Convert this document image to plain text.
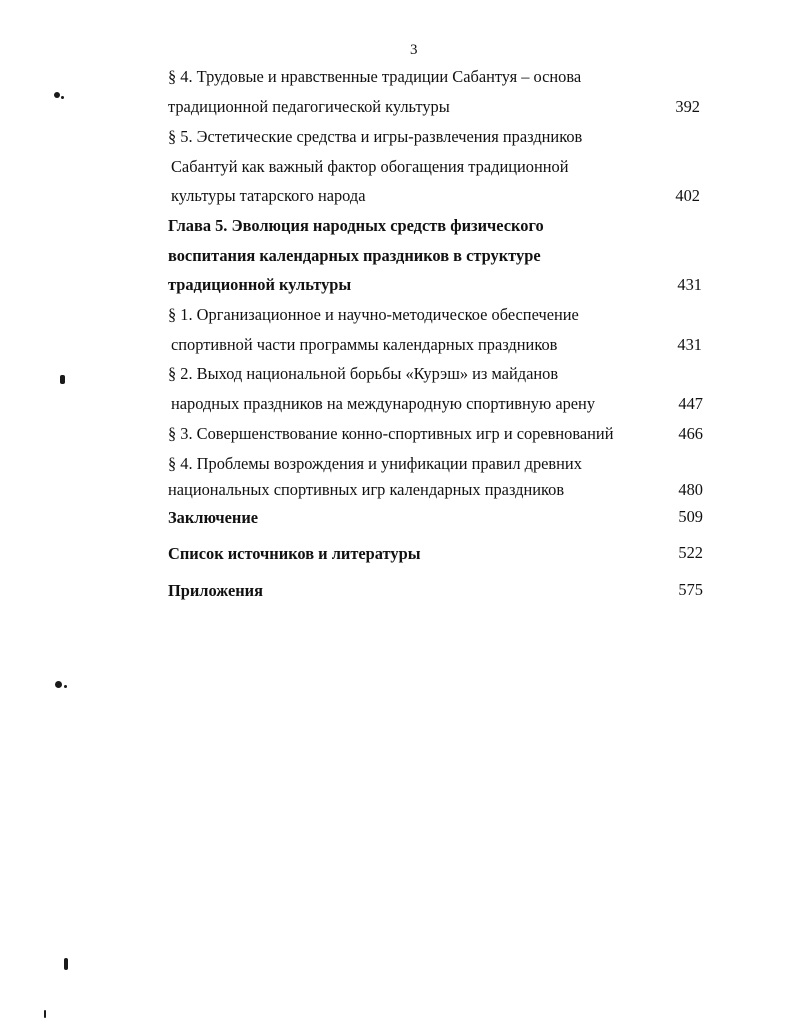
3
§ 4. Трудовые и нравственные традиции Сабантуя – основа
традиционной педагогической культуры	392
§ 5. Эстетические средства и игры-развлечения праздников
Сабантуй как важный фактор обогащения традиционной
культуры татарского народа	402
Глава 5. Эволюция народных средств физического
воспитания календарных праздников в структуре
традиционной культуры	431
§ 1. Организационное и научно-методическое обеспечение
спортивной части программы календарных праздников	431
§ 2. Выход национальной борьбы «Курэш» из майданов
народных праздников на международную спортивную арену	447
§ 3. Совершенствование конно-спортивных игр и соревнований	466
§ 4. Проблемы возрождения и унификации правил древних
национальных спортивных игр календарных праздников	480
Заключение	509
Список источников и литературы	522
Приложения	575
